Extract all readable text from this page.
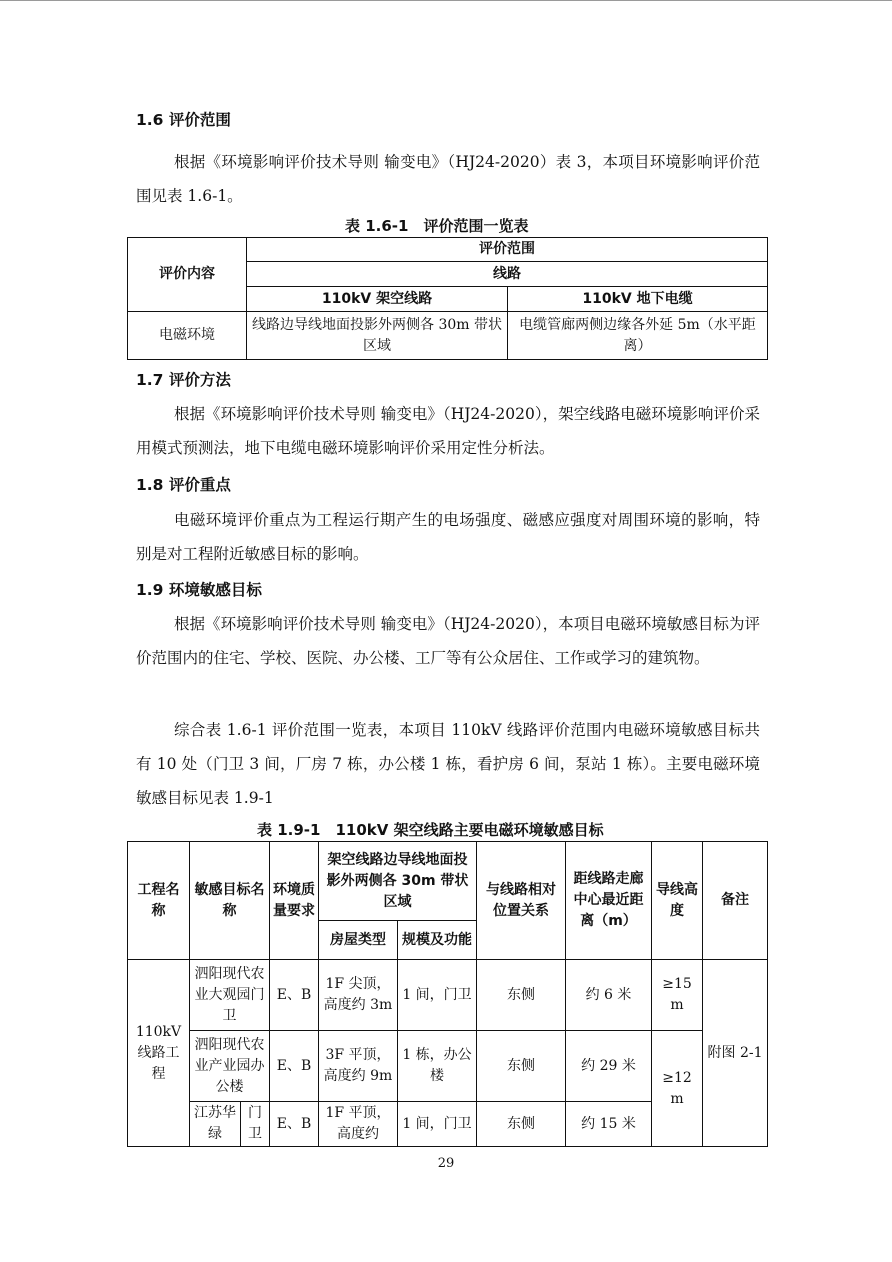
1.6 评价范围
根据《环境影响评价技术导则 输变电》（HJ24-2020）表 3，本项目环境影响评价范围见表 1.6-1。
表 1.6-1　评价范围一览表
评价内容	评价范围	
	线路	
	110kV 架空线路	110kV 地下电缆
电磁环境	线路边导线地面投影外两侧各 30m 带状区域	电缆管廊两侧边缘各外延 5m（水平距离）
1.7 评价方法
根据《环境影响评价技术导则 输变电》（HJ24-2020），架空线路电磁环境影响评价采用模式预测法，地下电缆电磁环境影响评价采用定性分析法。
1.8 评价重点
电磁环境评价重点为工程运行期产生的电场强度、磁感应强度对周围环境的影响，特别是对工程附近敏感目标的影响。
1.9 环境敏感目标
根据《环境影响评价技术导则 输变电》（HJ24-2020），本项目电磁环境敏感目标为评价范围内的住宅、学校、医院、办公楼、工厂等有公众居住、工作或学习的建筑物。
综合表 1.6-1 评价范围一览表，本项目 110kV 线路评价范围内电磁环境敏感目标共有 10 处（门卫 3 间，厂房 7 栋，办公楼 1 栋，看护房 6 间，泵站 1 栋）。主要电磁环境敏感目标见表 1.9-1
表 1.9-1　110kV 架空线路主要电磁环境敏感目标
工程名称	敏感目标名称		环境质量要求	架空线路边导线地面投影外两侧各 30m 带状区域		与线路相对位置关系	距线路走廊中心最近距离（m）	导线高度	备注
				房屋类型	规模及功能				
110kV 线路工程	泗阳现代农业大观园门卫		E、B	1F 尖顶，高度约 3m	1 间，门卫	东侧	约 6 米	≥15 m	附图 2-1
	泗阳现代农业产业园办公楼		E、B	3F 平顶，高度约 9m	1 栋，办公楼	东侧	约 29 米	≥12 m	
	江苏华绿	门卫	E、B	1F 平顶，高度约	1 间，门卫	东侧	约 15 米		
29
